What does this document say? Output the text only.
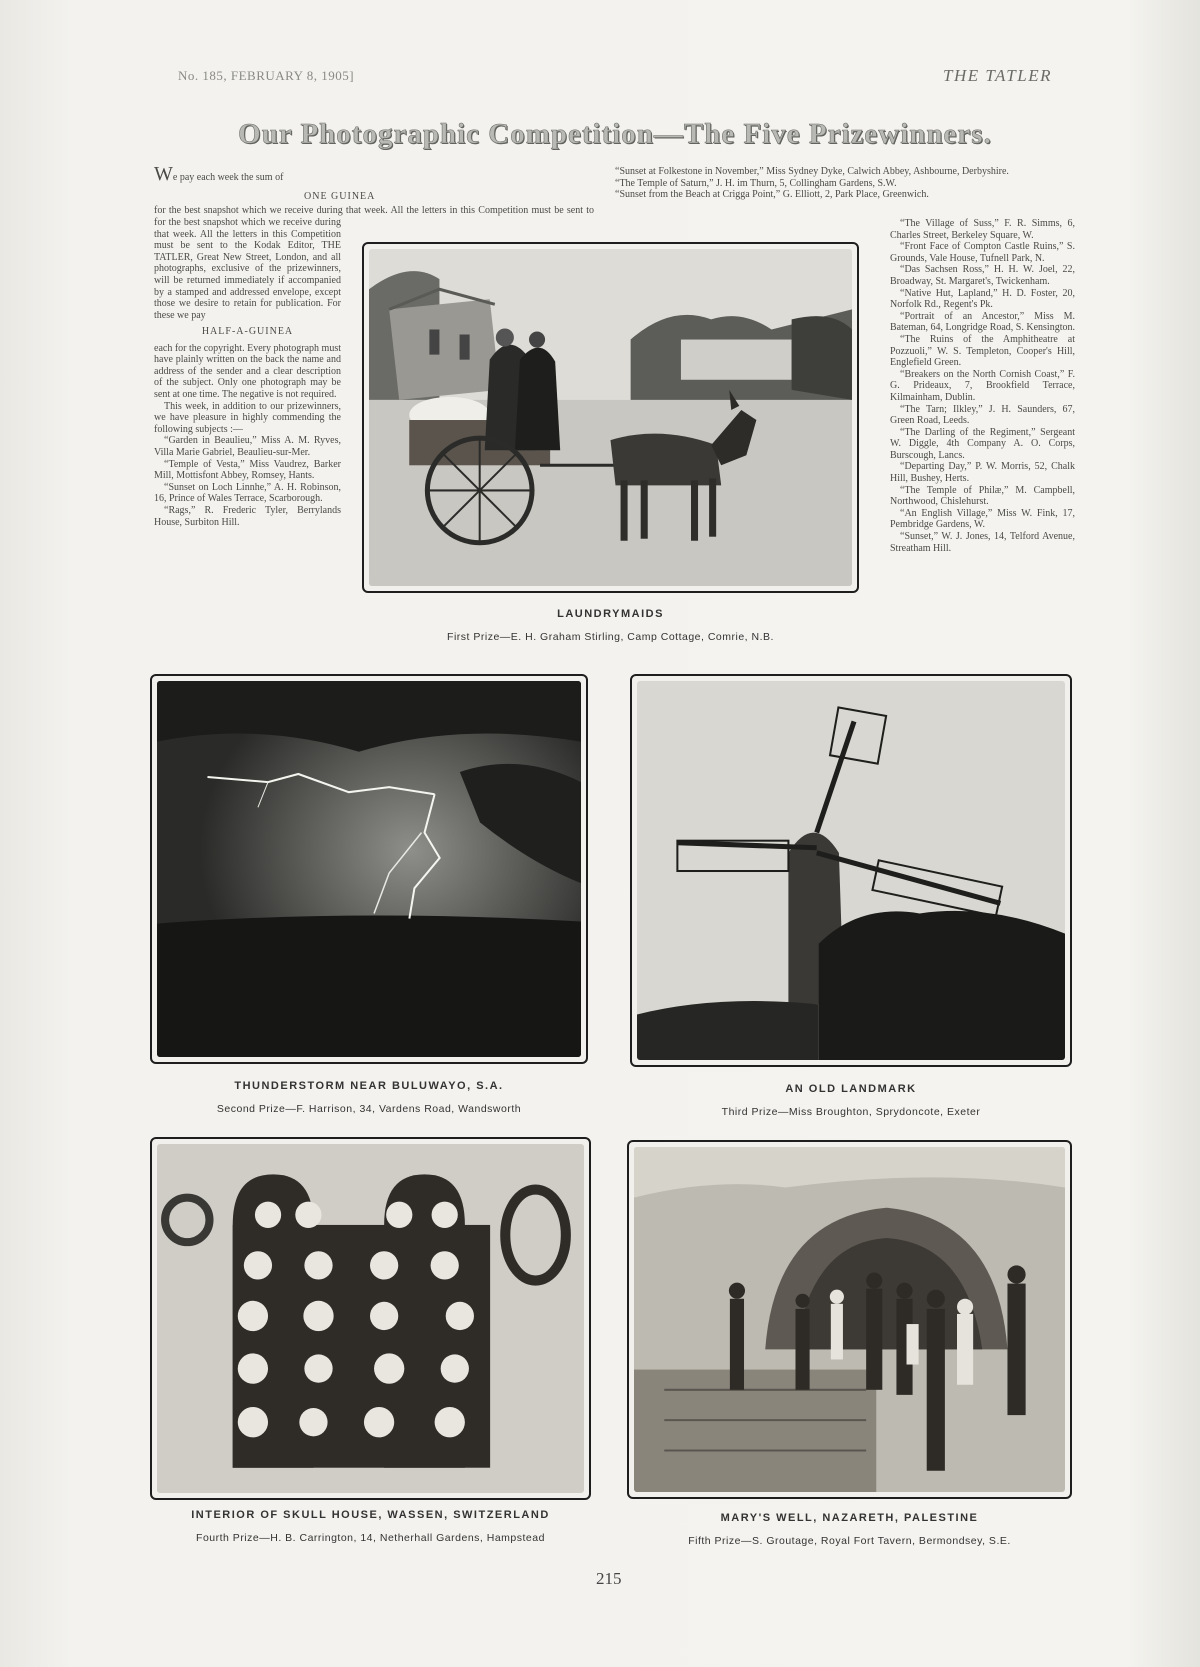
No. 185, FEBRUARY 8, 1905]	THE TATLER
Our Photographic Competition—The Five Prizewinners.

We pay each week the sum of

ONE GUINEA

for the best snapshot which we receive during that week. All the letters in this Competition must be sent to

for the best snapshot which we receive during that week. All the letters in this Competition must be sent to the Kodak Editor, THE TATLER, Great New Street, London, and all photographs, exclusive of the prizewinners, will be returned immediately if accompanied by a stamped and addressed envelope, except those we desire to retain for publication. For these we pay

HALF-A-GUINEA

each for the copyright. Every photograph must have plainly written on the back the name and address of the sender and a clear description of the subject. Only one photograph may be sent at one time. The negative is not required.

This week, in addition to our prizewinners, we have pleasure in highly commending the following subjects :—

“Garden in Beaulieu,” Miss A. M. Ryves, Villa Marie Gabriel, Beaulieu-sur-Mer.

“Temple of Vesta,” Miss Vaudrez, Barker Mill, Mottisfont Abbey, Romsey, Hants.

“Sunset on Loch Linnhe,” A. H. Robinson, 16, Prince of Wales Terrace, Scarborough.

“Rags,” R. Frederic Tyler, Berrylands House, Surbiton Hill.

“Sunset at Folkestone in November,” Miss Sydney Dyke, Calwich Abbey, Ashbourne, Derbyshire.

“The Temple of Saturn,” J. H. im Thurn, 5, Collingham Gardens, S.W.

“Sunset from the Beach at Crigga Point,” G. Elliott, 2, Park Place, Greenwich.

“The Village of Suss,” F. R. Simms, 6, Charles Street, Berkeley Square, W.

“Front Face of Compton Castle Ruins,” S. Grounds, Vale House, Tufnell Park, N.

“Das Sachsen Ross,” H. H. W. Joel, 22, Broadway, St. Margaret's, Twickenham.

“Native Hut, Lapland,” H. D. Foster, 20, Norfolk Rd., Regent's Pk.

“Portrait of an Ancestor,” Miss M. Bateman, 64, Longridge Road, S. Kensington.

“The Ruins of the Amphitheatre at Pozzuoli,” W. S. Templeton, Cooper's Hill, Englefield Green.

“Breakers on the North Cornish Coast,” F. G. Prideaux, 7, Brookfield Terrace, Kilmainham, Dublin.

“The Tarn; Ilkley,” J. H. Saunders, 67, Green Road, Leeds.

“The Darling of the Regiment,” Sergeant W. Diggle, 4th Company A. O. Corps, Burscough, Lancs.

“Departing Day,” P. W. Morris, 52, Chalk Hill, Bushey, Herts.

“The Temple of Philæ,” M. Campbell, Northwood, Chislehurst.

“An English Village,” Miss W. Fink, 17, Pembridge Gardens, W.

“Sunset,” W. J. Jones, 14, Telford Avenue, Streatham Hill.

LAUNDRYMAIDS
First Prize—E. H. Graham Stirling, Camp Cottage, Comrie, N.B.
THUNDERSTORM NEAR BULUWAYO, S.A.
Second Prize—F. Harrison, 34, Vardens Road, Wandsworth
AN OLD LANDMARK
Third Prize—Miss Broughton, Sprydoncote, Exeter
INTERIOR OF SKULL HOUSE, WASSEN, SWITZERLAND
Fourth Prize—H. B. Carrington, 14, Netherhall Gardens, Hampstead
MARY'S WELL, NAZARETH, PALESTINE
Fifth Prize—S. Groutage, Royal Fort Tavern, Bermondsey, S.E.
215
